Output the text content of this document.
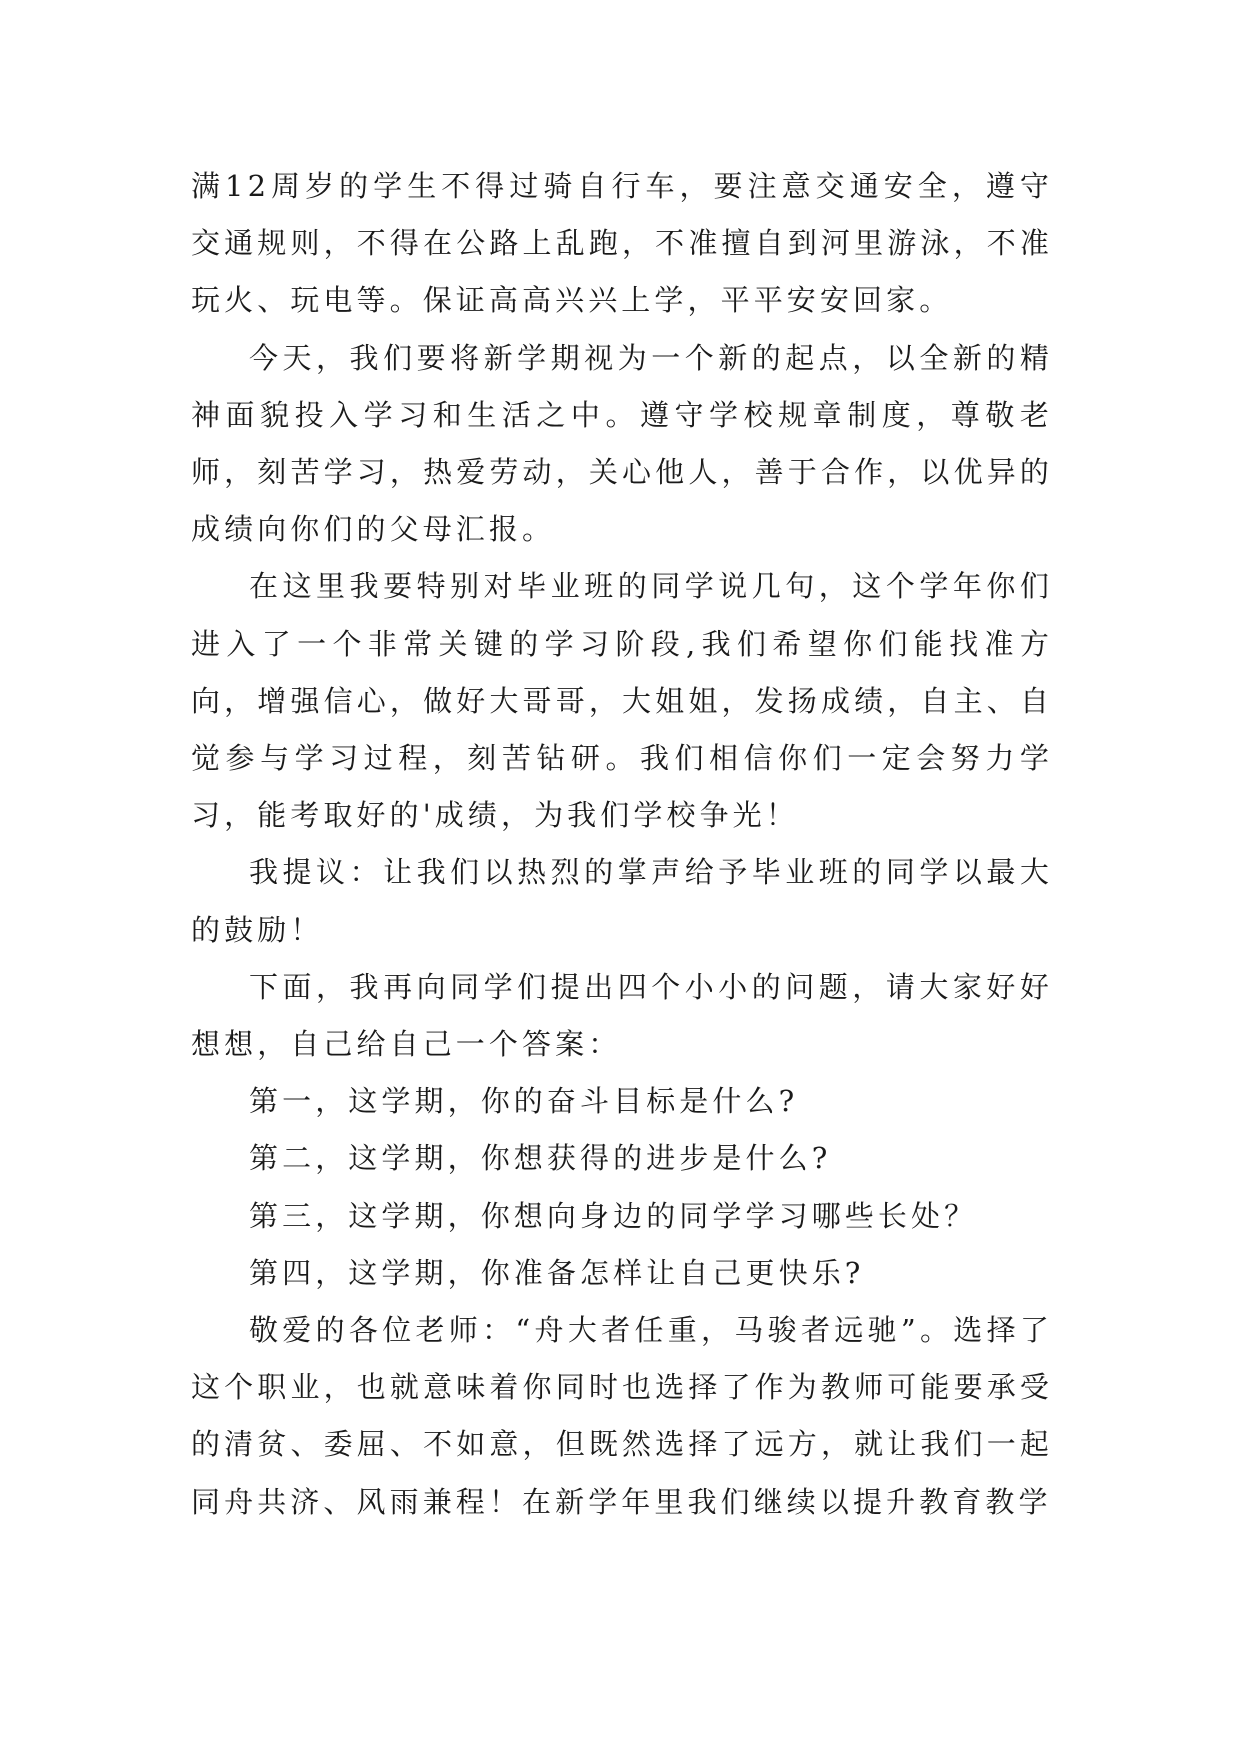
满12周岁的学生不得过骑自行车，要注意交通安全，遵守交通规则，不得在公路上乱跑，不准擅自到河里游泳，不准玩火、玩电等。保证高高兴兴上学，平平安安回家。

今天，我们要将新学期视为一个新的起点，以全新的精神面貌投入学习和生活之中。遵守学校规章制度，尊敬老师，刻苦学习，热爱劳动，关心他人，善于合作，以优异的成绩向你们的父母汇报。

在这里我要特别对毕业班的同学说几句，这个学年你们进入了一个非常关键的学习阶段,我们希望你们能找准方向，增强信心，做好大哥哥，大姐姐，发扬成绩，自主、自觉参与学习过程，刻苦钻研。我们相信你们一定会努力学习，能考取好的'成绩，为我们学校争光！

我提议：让我们以热烈的掌声给予毕业班的同学以最大的鼓励！

下面，我再向同学们提出四个小小的问题，请大家好好想想，自己给自己一个答案：

第一，这学期，你的奋斗目标是什么?

第二，这学期，你想获得的进步是什么?

第三，这学期，你想向身边的同学学习哪些长处？

第四，这学期，你准备怎样让自己更快乐?

敬爱的各位老师：“舟大者任重，马骏者远驰”。选择了这个职业，也就意味着你同时也选择了作为教师可能要承受的清贫、委屈、不如意，但既然选择了远方，就让我们一起同舟共济、风雨兼程！在新学年里我们继续以提升教育教学
